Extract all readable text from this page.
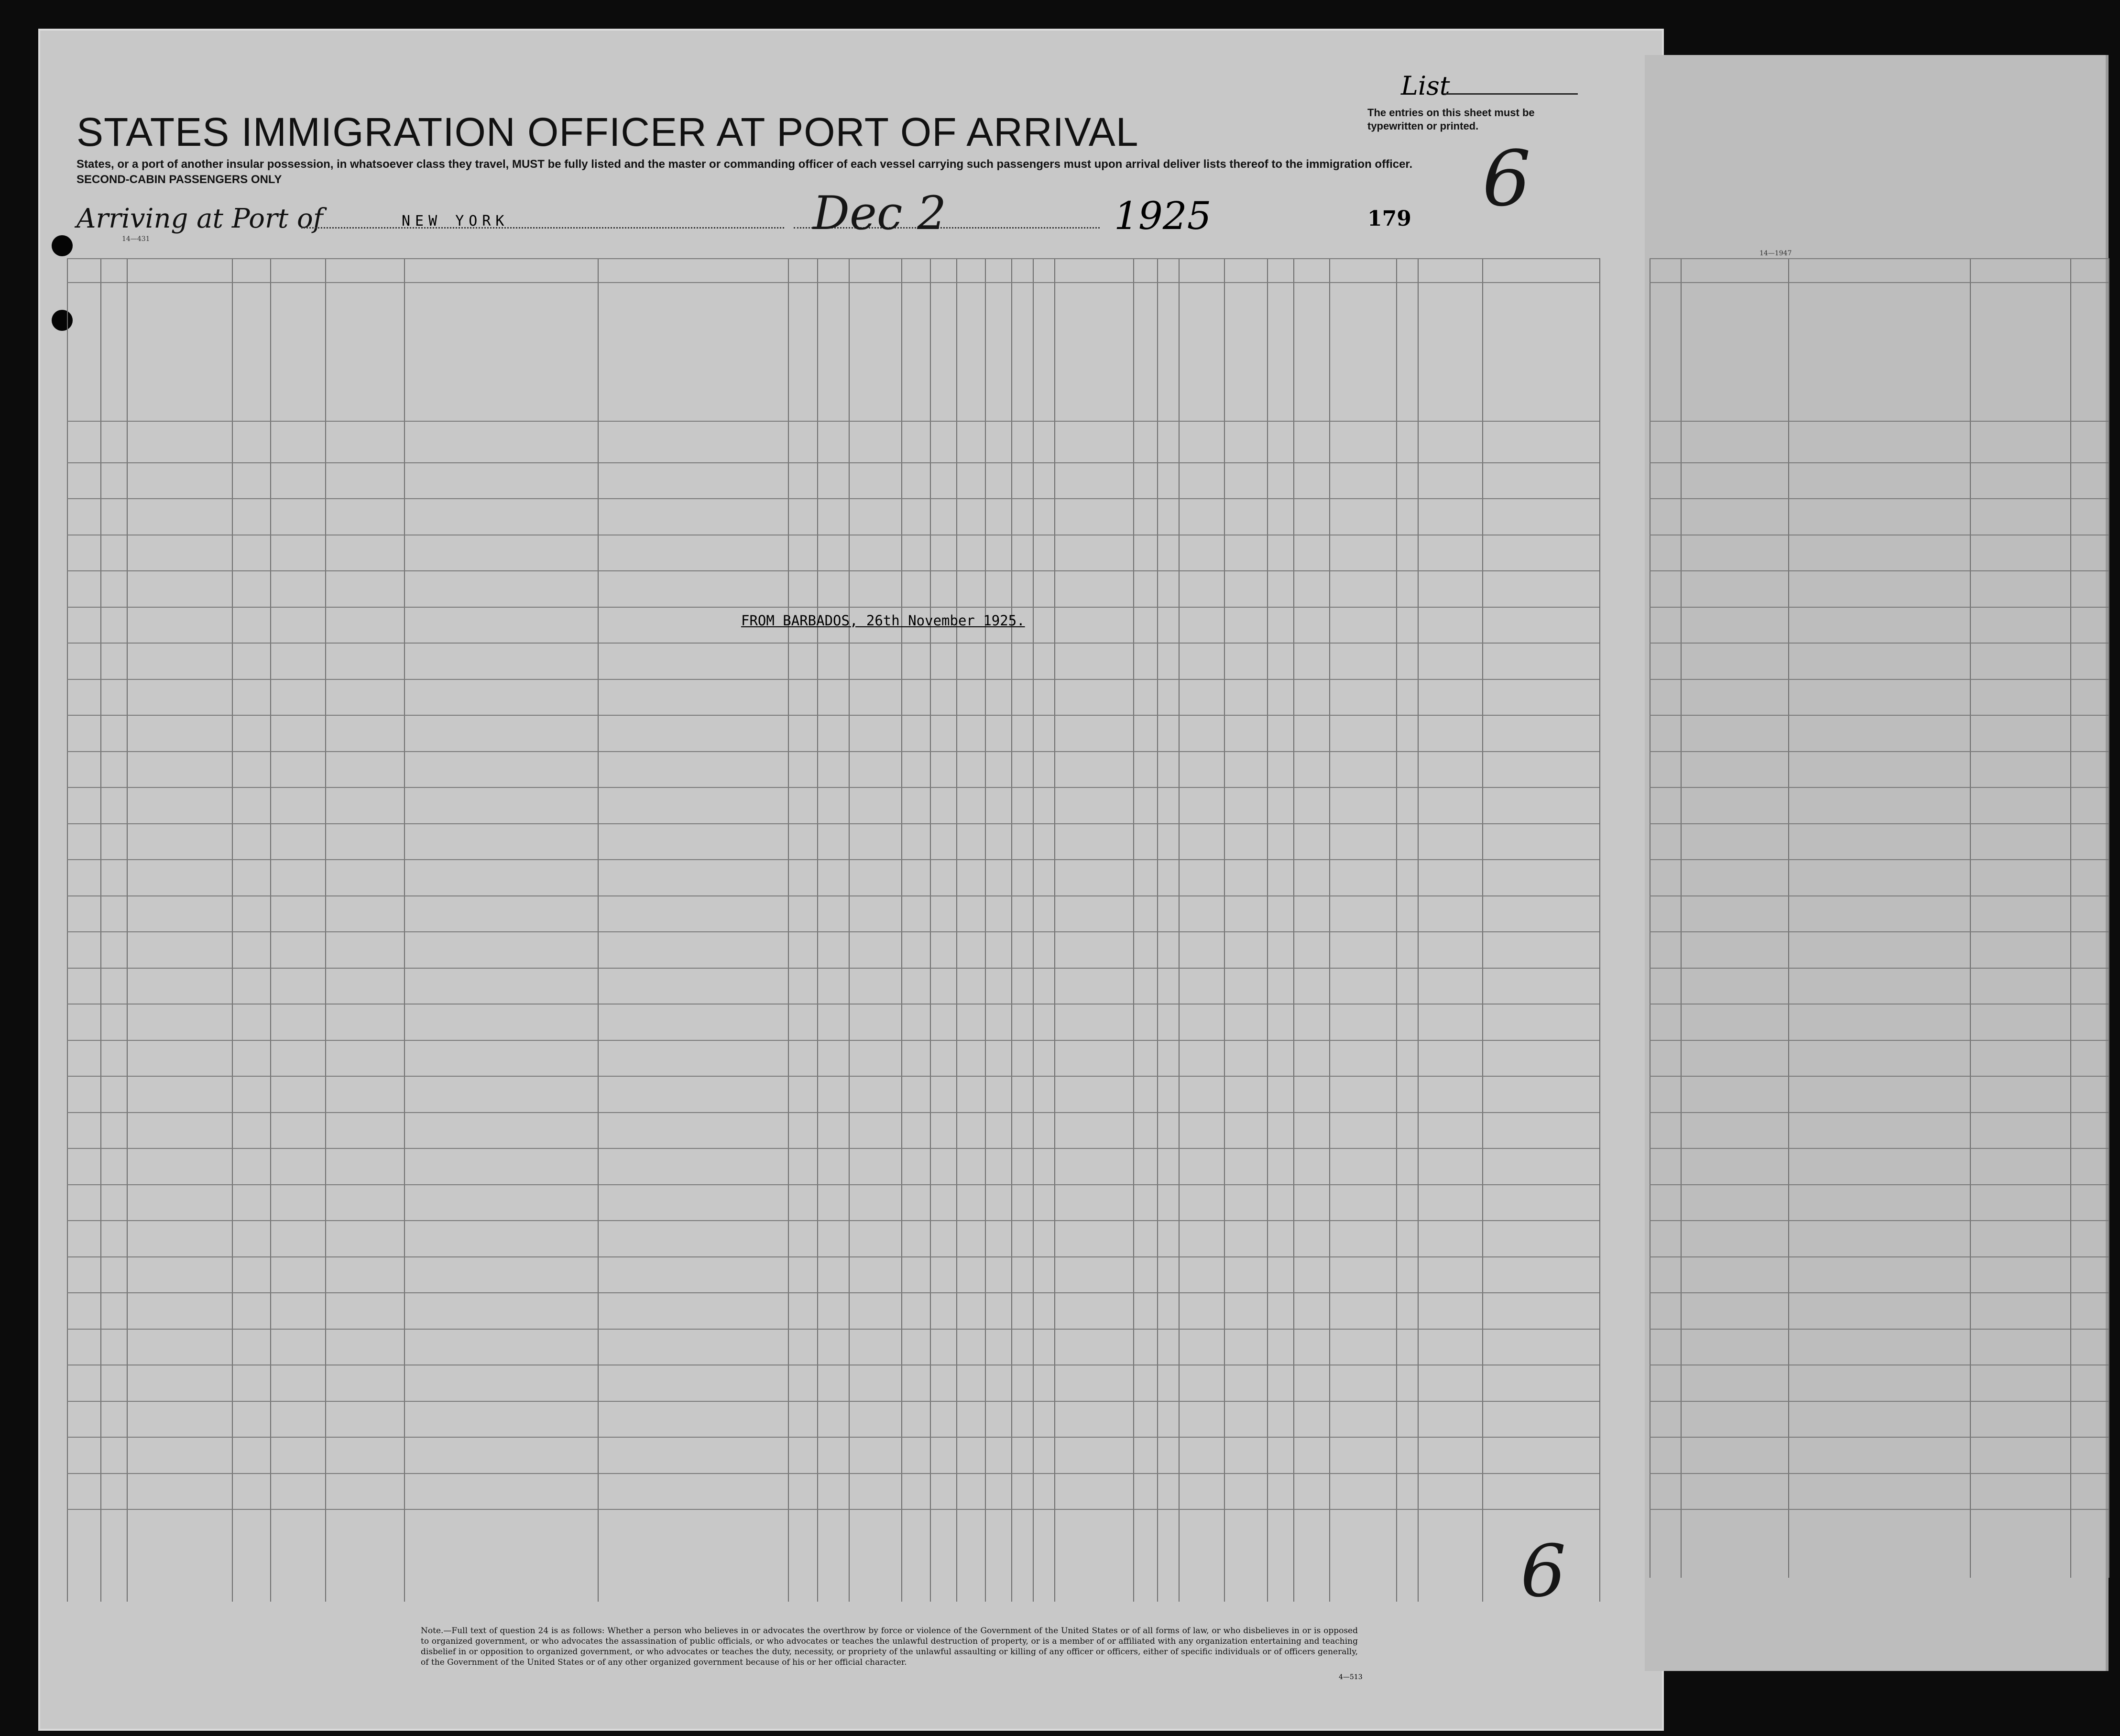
List
STATES IMMIGRATION OFFICER AT PORT OF ARRIVAL	The entries on this sheet must be typewritten or printed.
States, or a port of another insular possession, in whatsoever class they travel, MUST be fully listed and the master or commanding officer of each vessel carrying such passengers must upon arrival deliver lists thereof to the immigration officer.
SECOND-CABIN PASSENGERS ONLY
Arriving at Port of	NEW YORK	Dec 2	1925	179 6
6
14—431
14—1947
FROM BARBADOS, 26th November 1925.
Note.—Full text of question 24 is as follows: Whether a person who believes in or advocates the overthrow by force or violence of the Government of the United States or of all forms of law, or who disbelieves in or is opposed to organized government, or who advocates the assassination of public officials, or who advocates or teaches the unlawful destruction of property, or is a member of or affiliated with any organization entertaining and teaching disbelief in or opposition to organized government, or who advocates or teaches the duty, necessity, or propriety of the unlawful assaulting or killing of any officer or officers, either of specific individuals or of officers generally, of the Government of the United States or of any other organized government because of his or her official character.
4—513
